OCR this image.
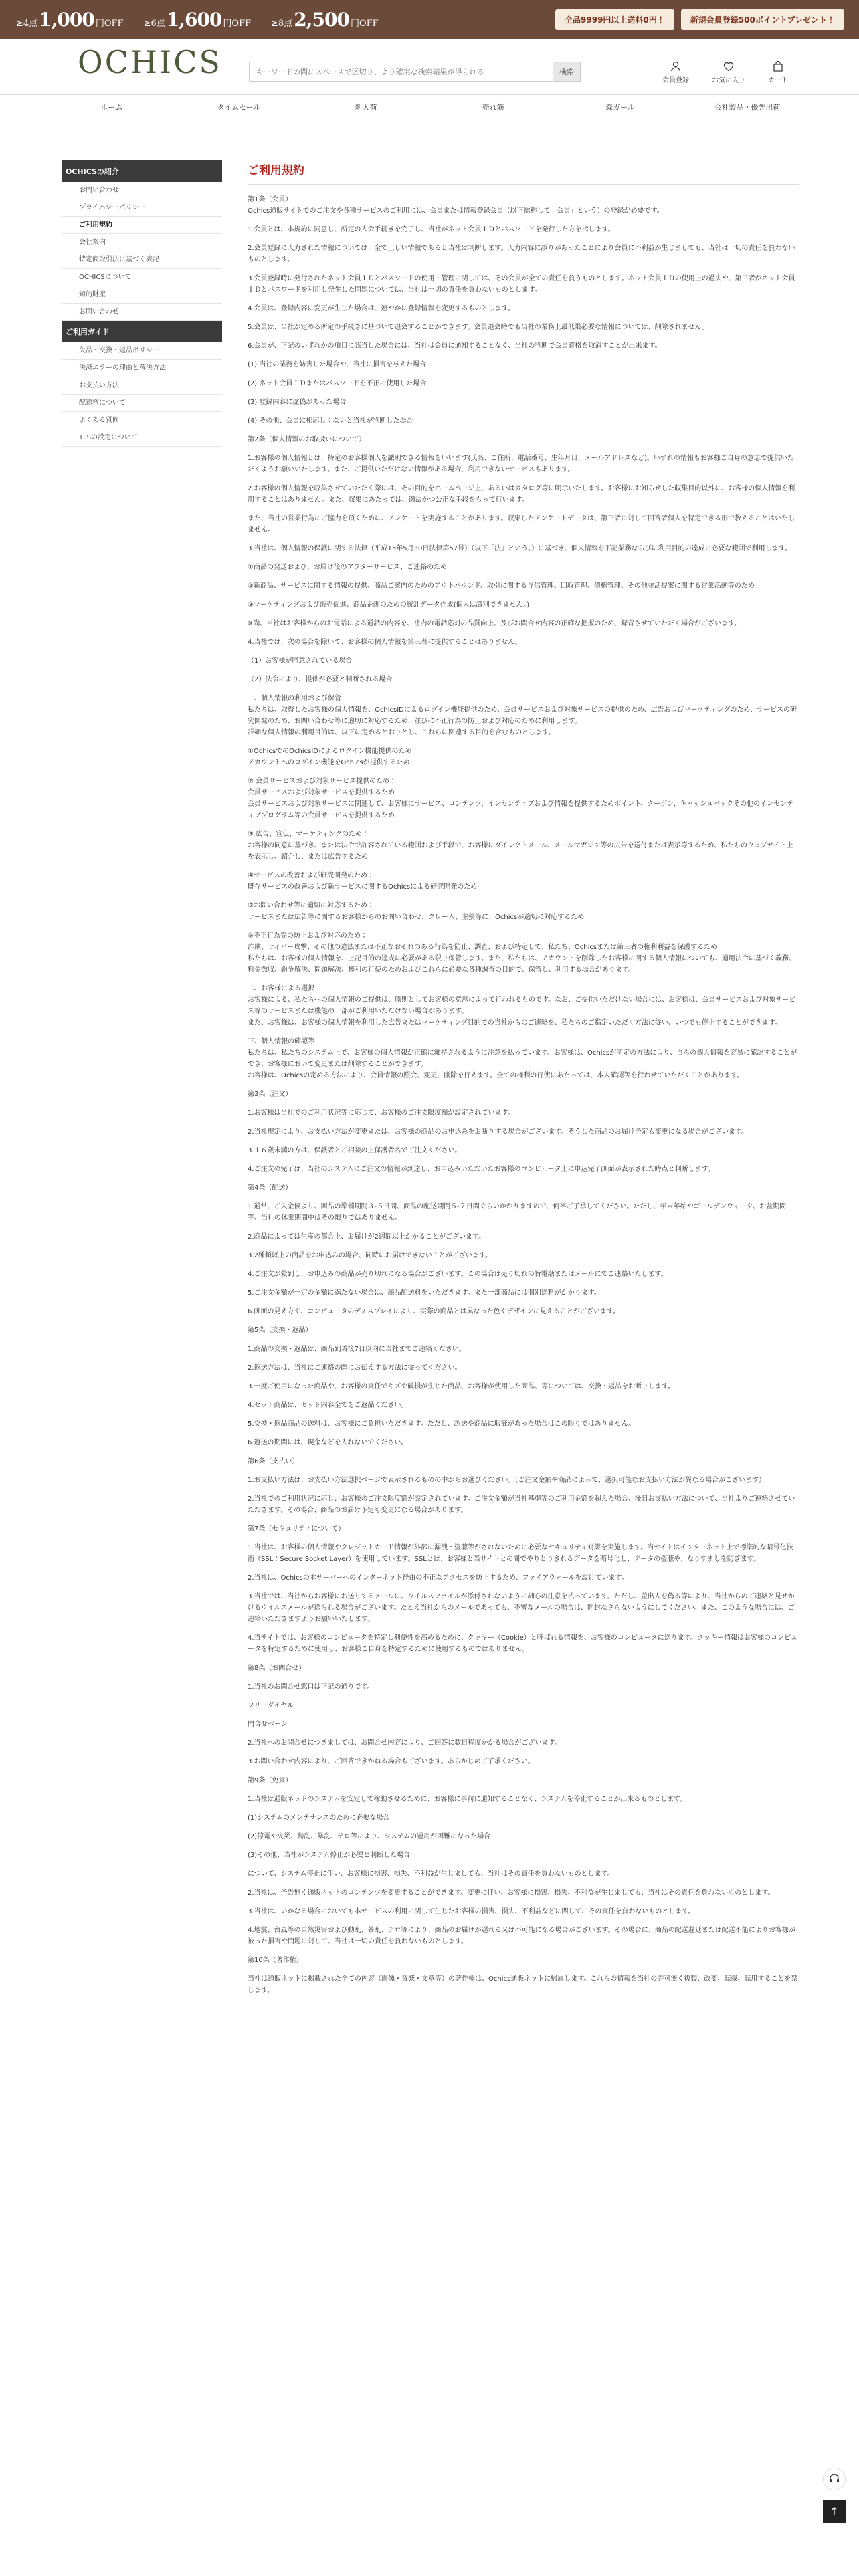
≥4点 1,000 円OFF ≥6点 1,600 円OFF ≥8点 2,500 円OFF	全品9999円以上送料0円！	新規会員登録500ポイントプレゼント！
OCHICS
キーワードの間にスペースで区切り、より確実な検索結果が得られる	検索
会員登録	お気に入り	カート
ホーム	タイムセール	新入荷	売れ筋	森ガール	会社製品・優先出荷
OCHICSの紹介
お問い合わせ
プライバシーポリシー
ご利用規約
会社案内
特定商取引法に基づく表記
OCHICSについて
知的財産
お問い合わせ
ご利用ガイド
欠品・交換・返品ポリシー
決済エラーの理由と解決方法
お支払い方法
配送料について
よくある質問
TLSの設定について
ご利用規約
第1条（会員）
Ochics通販サイトでのご注文や各種サービスのご利用には、会員または情報登録会員（以下総称して「会員」という）の登録が必要です。
1.会員とは、本規約に同意し、所定の入会手続きを完了し、当社がネット会員ＩＤとパスワードを発行した方を指します。
2.会員登録に入力された情報については、全て正しい情報であると当社は判断します。入力内容に誤りがあったことにより会員に不利益が生じましても、当社は一切の責任を負わないものとします。
3.会員登録時に発行されたネット会員ＩＤとパスワードの使用・管理に関しては、その会員が全ての責任を負うものとします。ネット会員ＩＤの使用上の過失や、第三者がネット会員ＩＤとパスワードを利用し発生した問題については、当社は一切の責任を負わないものとします。
4.会員は、登録内容に変更が生じた場合は、速やかに登録情報を変更するものとします。
5.会員は、当社が定める所定の手続きに基づいて退会することができます。会員退会時でも当社の業務上最低限必要な情報については、削除されません。
6.会員が、下記のいずれかの項目に該当した場合には、当社は会員に通知することなく、当社の判断で会員資格を取消すことが出来ます。
(1) 当社の業務を妨害した場合や、当社に損害を与えた場合
(2) ネット会員ＩＤまたはパスワードを不正に使用した場合
(3) 登録内容に虚偽があった場合
(4) その他、会員に相応しくないと当社が判断した場合
第2条（個人情報のお取扱いについて）
1.お客様の個人情報とは、特定のお客様個人を識別できる情報をいいます(氏名、ご住所、電話番号、生年月日、メールアドレスなど)。いずれの情報もお客様ご自身の意志で提供いただくようお願いいたします。また、ご提供いただけない情報がある場合、利用できないサービスもあります。
2.お客様の個人情報を収集させていただく際には、その目的をホームページ上、あるいはカタログ等に明示いたします。お客様にお知らせした収集目的以外に、お客様の個人情報を利用することはありません。また、収集にあたっては、適法かつ公正な手段をもって行います。
また、当社の営業行為にご協力を頂くために、アンケートを実施することがあります。収集したアンケートデータは、第三者に対して回答者個人を特定できる形で教えることはいたしません。
3.当社は、個人情報の保護に関する法律（平成15年5月30日法律第57号）（以下「法」という。）に基づき、個人情報を下記業務ならびに利用目的の達成に必要な範囲で利用します。
①商品の発送および、お届け後のアフターサービス、ご連絡のため
②新商品、サービスに関する情報の提供、商品ご案内のためのアウトバウンド、取引に関する与信管理、回収管理、債権管理、その他並活提案に関する営業活動等のため
③マーケティングおよび販売促進、商品企画のための統計データ作成(個人は識別できません。)
※尚、当社はお客様からのお電話による通話の内容を、社内の電話応対の品質向上、及びお問合せ内容の正確な把握のため、録音させていただく場合がございます。
4.当社では、次の場合を除いて、お客様の個人情報を第三者に提供することはありません。
（1）お客様が同意されている場合
（2）法令により、提供が必要と判断される場合
一、個人情報の利用および保管
私たちは、取得したお客様の個人情報を、OchicsIDによるログイン機能提供のため、会員サービスおよび対象サービスの提供のため、広告およびマーケティングのため、サービスの研究開発のため、お問い合わせ等に適切に対応するため、並びに不正行為の防止および対応のために利用します。
詳細な個人情報の利用目的は、以下に定めるとおりとし、これらに関連する目的を含むものとします。
①OchicsでのOchicsIDによるログイン機能提供のため：
アカウントへのログイン機能をOchicsが提供するため
② 会員サービスおよび対象サービス提供のため：
会員サービスおよび対象サービスを提供するため
会員サービスおよび対象サービスに関連して、お客様にサービス、コンテンツ、インセンティブおよび情報を提供するためポイント、クーポン、キャッシュバックその他のインセンティブプログラム等の会員サービスを提供するため
③ 広告、宣伝、マーケティングのため：
お客様の同意に基づき、または法令で許容されている範囲および手段で、お客様にダイレクトメール、メールマガジン等の広告を送付または表示等するため、私たちのウェブサイト上を表示し、紹介し、または広告するため
④サービスの改善および研究開発のため：
既存サービスの改善および新サービスに関するOchicsによる研究開発のため
⑤お問い合わせ等に適切に対応するため：
サービスまたは広告等に関するお客様からのお問い合わせ、クレーム、主張等に、Ochicsが適切に対応するため
⑥不正行為等の防止および対応のため：
詐欺、サイバー攻撃、その他の違法または不正なおそれのある行為を防止、調査、および特定して、私たち、Ochicsまたは第三者の権利利益を保護するため
私たちは、お客様の個人情報を、上記目的の達成に必要がある限り保管します。また、私たちは、アカウントを削除したお客様に関する個人情報についても、適用法令に基づく義務、料金徴収、紛争解決、問題解決、権利の行使のためおよびこれらに必要な各種調査の目的で、保管し、利用する場合があります。
二、お客様による選択
お客様による、私たちへの個人情報のご提供は、原則としてお客様の意思によって行われるものです。なお、ご提供いただけない場合には、お客様は、会員サービスおよび対象サービス等のサービスまたは機能の一部がご利用いただけない場合があります。
また、お客様は、お客様の個人情報を利用した広告またはマーケティング目的での当社からのご連絡を、私たちのご指定いただく方法に従い、いつでも停止することができます。
三、個人情報の確認等
私たちは、私たちのシステム上で、お客様の個人情報が正確に維持されるように注意を払っています。お客様は、Ochicsが所定の方法により、自らの個人情報を容易に確認することができ、お客様において変更または削除することができます。
お客様は、Ochicsの定める方法により、会員情報の照会、変更、削除を行えます。全ての権利の行使にあたっては、本人確認等を行わせていただくことがあります。
第3条（注文）
1.お客様は当社でのご利用状況等に応じて、お客様のご注文限度額が設定されています。
2.当社規定により、お支払い方法が変更または、お客様の商品のお申込みをお断りする場合がございます。そうした商品のお届け予定も変更になる場合がございます。
3.１６歳未満の方は、保護者とご相談の上保護者名でご注文ください。
4.ご注文の完了は、当社のシステムにご注文の情報が到達し、お申込みいただいたお客様のコンピュータ上に申込完了画面が表示された時点と判断します。
第4条（配送）
1.通常、ご入金後より、商品の準備期間３-５日間、商品の配送期間５-７日間ぐらいかかりますので、何卒ご了承してください。ただし、年末年始やゴールデンウィーク、お盆期間等、当社の休業期間中はその限りではありません。
2.商品によっては生産の都合上、お届けが2週間以上かかることがございます。
3.2種類以上の商品をお申込みの場合、同時にお届けできないことがございます。
4.ご注文が殺到し、お申込みの商品が売り切れになる場合がございます。この場合は売り切れの旨電話またはメールにてご連絡いたします。
5.ご注文金額が一定の金額に満たない場合は、商品配送料をいただきます。また一部商品には個別送料がかかります。
6.画面の見え方や、コンピュータのディスプレイにより、実際の商品とは異なった色やデザインに見えることがございます。
第5条（交換・返品）
1.商品の交換・返品は、商品到着後7日以内に当社までご連絡ください。
2.返送方法は、当社にご連絡の際にお伝えする方法に従ってください。
3.一度ご使用になった商品や、お客様の責任でキズや破損が生じた商品、お客様が使用した商品、等については、交換・返品をお断りします。
4.セット商品は、セット内容全てをご返品ください。
5.交換・返品商品の送料は、お客様にご負担いただきます。ただし、誤送や商品に瑕疵があった場合はこの限りではありません。
6.返送の期間には、現金などを入れないでください。
第6条（支払い）
1.お支払い方法は、お支払い方法選択ページで表示されるものの中からお選びください。（ご注文金額や商品によって、選択可能なお支払い方法が異なる場合がございます）
2.当社でのご利用状況に応じ、お客様のご注文限度額が設定されています。ご注文金額が当社基準等のご利用金額を超えた場合、後日お支払い方法について、当社よりご連絡させていただきます。その場合、商品のお届け予定も変更になる場合があります。
第7条（セキュリティについて）
1.当社は、お客様の個人情報やクレジットカード情報が外部に漏洩・盗聴等がされないために必要なセキュリティ対策を実施します。当サイトはインターネット上で標準的な暗号化技術（SSL：Secure Socket Layer）を使用しています。SSLとは、お客様と当サイトとの間でやりとりされるデータを暗号化し、データの盗聴や、なりすましを防ぎます。
2.当社は、Ochicsの本サーバーへのインターネット経由の不正なアクセスを防止するため、ファイアウォールを設けています。
3.当社では、当社からお客様にお送りするメールに、ウイルスファイルが添付されないように細心の注意を払っています。ただし、差出人を偽る等により、当社からのご連絡と見せかけるウイルスメールが送られる場合がございます。たとえ当社からのメールであっても、不審なメールの場合は、開封なさらないようにしてください。また、このような場合には、ご連絡いただきますようお願いいたします。
4.当サイトでは、お客様のコンピュータを特定し利便性を高めるために、クッキー（Cookie）と呼ばれる情報を、お客様のコンピュータに送ります。クッキー情報はお客様のコンピュータを特定するために使用し、お客様ご自身を特定するために使用するものではありません。
第8条（お問合せ）
1.当社のお問合せ窓口は下記の通りです。
フリーダイヤル
問合せページ
2.当社へのお問合せにつきましては、お問合せ内容により、ご回答に数日程度かかる場合がございます。
3.お問い合わせ内容により、ご回答できかねる場合もございます。あらかじめご了承ください。
第9条（免責）
1.当社は通販ネットのシステムを安定して稼動させるために、お客様に事前に通知することなく、システムを停止することが出来るものとします。
(1)システムのメンテナンスのために必要な場合
(2)停電や火災、動乱、暴乱、テロ等により、システムの運用が困難になった場合
(3)その他、当社がシステム停止が必要と判断した場合
について、システム停止に伴い、お客様に損害、損失、不利益が生じましても、当社はその責任を負わないものとします。
2.当社は、予告無く通販ネットのコンテンツを変更することができます。変更に伴い、お客様に損害、損失、不利益が生じましても、当社はその責任を負わないものとします。
3.当社は、いかなる場合においても本サービスの利用に関して生じたお客様の損害、損失、不利益などに関して、その責任を負わないものとします。
4.地震、台風等の自然災害および動乱、暴乱、テロ等により、商品のお届けが遅れる又は不可能になる場合がございます。その場合に、商品の配送遅延または配送不能によりお客様が被った損害や問題に対して、当社は一切の責任を負わないものとします。
第10条（著作権）
当社は通販ネットに掲載された全ての内容（画像・音楽・文章等）の著作権は、Ochics通販ネットに帰属します。これらの情報を当社の許可無く複製、改変、転載、転用することを禁じます。
↑
